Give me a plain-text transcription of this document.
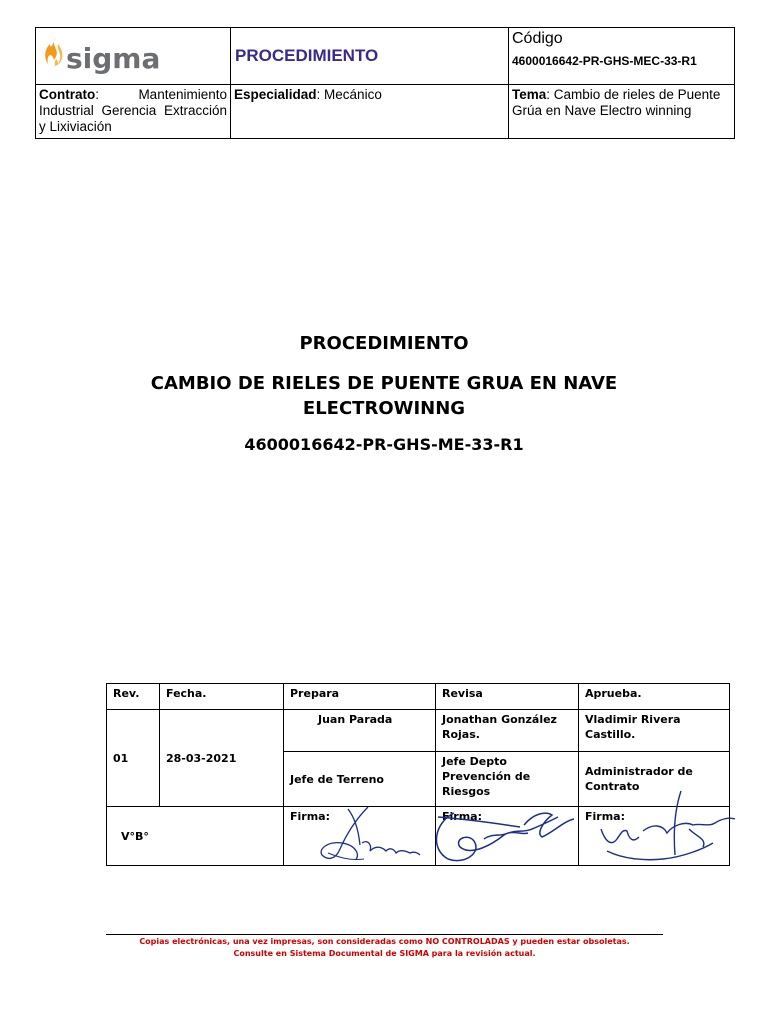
sigma	PROCEDIMIENTO	Código
4600016642-PR-GHS-MEC-33-R1

Contrato: Mantenimiento Industrial Gerencia Extracción y Lixiviación	Especialidad: Mecánico	Tema: Cambio de rieles de Puente Grúa en Nave Electro winning
PROCEDIMIENTO
CAMBIO DE RIELES DE PUENTE GRUA EN NAVE ELECTROWINNG
4600016642-PR-GHS-ME-33-R1
Rev.	Fecha.	Prepara	Revisa	Aprueba.
01	28-03-2021	Juan Parada	Jonathan González Rojas.	Vladimir Rivera Castillo.
		Jefe de Terreno	Jefe Depto Prevención de Riesgos	Administrador de Contrato
V°B°		Firma:	Firma:	Firma:
Copias electrónicas, una vez impresas, son consideradas como NO CONTROLADAS y pueden estar obsoletas.
Consulte en Sistema Documental de SIGMA para la revisión actual.
